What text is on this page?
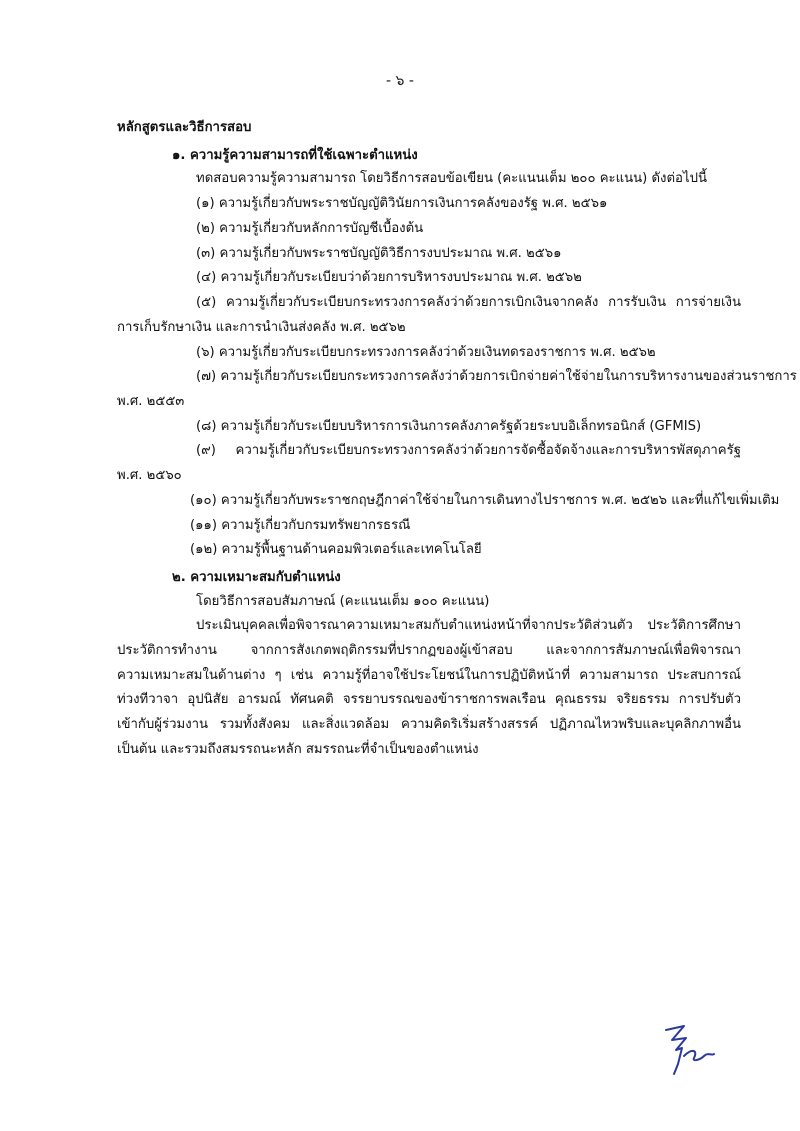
- ๖ -
หลักสูตรและวิธีการสอบ
๑. ความรู้ความสามารถที่ใช้เฉพาะตำแหน่ง
ทดสอบความรู้ความสามารถ โดยวิธีการสอบข้อเขียน (คะแนนเต็ม ๒๐๐ คะแนน) ดังต่อไปนี้
(๑) ความรู้เกี่ยวกับพระราชบัญญัติวินัยการเงินการคลังของรัฐ พ.ศ. ๒๕๖๑
(๒) ความรู้เกี่ยวกับหลักการบัญชีเบื้องต้น
(๓) ความรู้เกี่ยวกับพระราชบัญญัติวิธีการงบประมาณ พ.ศ. ๒๕๖๑
(๔) ความรู้เกี่ยวกับระเบียบว่าด้วยการบริหารงบประมาณ พ.ศ. ๒๕๖๒
(๕) ความรู้เกี่ยวกับระเบียบกระทรวงการคลังว่าด้วยการเบิกเงินจากคลัง การรับเงิน การจ่ายเงิน
การเก็บรักษาเงิน และการนำเงินส่งคลัง พ.ศ. ๒๕๖๒
(๖) ความรู้เกี่ยวกับระเบียบกระทรวงการคลังว่าด้วยเงินทดรองราชการ พ.ศ. ๒๕๖๒
(๗) ความรู้เกี่ยวกับระเบียบกระทรวงการคลังว่าด้วยการเบิกจ่ายค่าใช้จ่ายในการบริหารงานของส่วนราชการ
พ.ศ. ๒๕๕๓
(๘) ความรู้เกี่ยวกับระเบียบบริหารการเงินการคลังภาครัฐด้วยระบบอิเล็กทรอนิกส์ (GFMIS)
(๙) ความรู้เกี่ยวกับระเบียบกระทรวงการคลังว่าด้วยการจัดซื้อจัดจ้างและการบริหารพัสดุภาครัฐ
พ.ศ. ๒๕๖๐
(๑๐) ความรู้เกี่ยวกับพระราชกฤษฎีกาค่าใช้จ่ายในการเดินทางไปราชการ พ.ศ. ๒๕๒๖ และที่แก้ไขเพิ่มเติม
(๑๑) ความรู้เกี่ยวกับกรมทรัพยากรธรณี
(๑๒) ความรู้พื้นฐานด้านคอมพิวเตอร์และเทคโนโลยี
๒. ความเหมาะสมกับตำแหน่ง
โดยวิธีการสอบสัมภาษณ์ (คะแนนเต็ม ๑๐๐ คะแนน)
ประเมินบุคคลเพื่อพิจารณาความเหมาะสมกับตำแหน่งหน้าที่จากประวัติส่วนตัว ประวัติการศึกษา
ประวัติการทำงาน จากการสังเกตพฤติกรรมที่ปรากฏของผู้เข้าสอบ และจากการสัมภาษณ์เพื่อพิจารณา
ความเหมาะสมในด้านต่าง ๆ เช่น ความรู้ที่อาจใช้ประโยชน์ในการปฏิบัติหน้าที่ ความสามารถ ประสบการณ์
ท่วงทีวาจา อุปนิสัย อารมณ์ ทัศนคติ จรรยาบรรณของข้าราชการพลเรือน คุณธรรม จริยธรรม การปรับตัว
เข้ากับผู้ร่วมงาน รวมทั้งสังคม และสิ่งแวดล้อม ความคิดริเริ่มสร้างสรรค์ ปฏิภาณไหวพริบและบุคลิกภาพอื่น
เป็นต้น และรวมถึงสมรรถนะหลัก สมรรถนะที่จำเป็นของตำแหน่ง
